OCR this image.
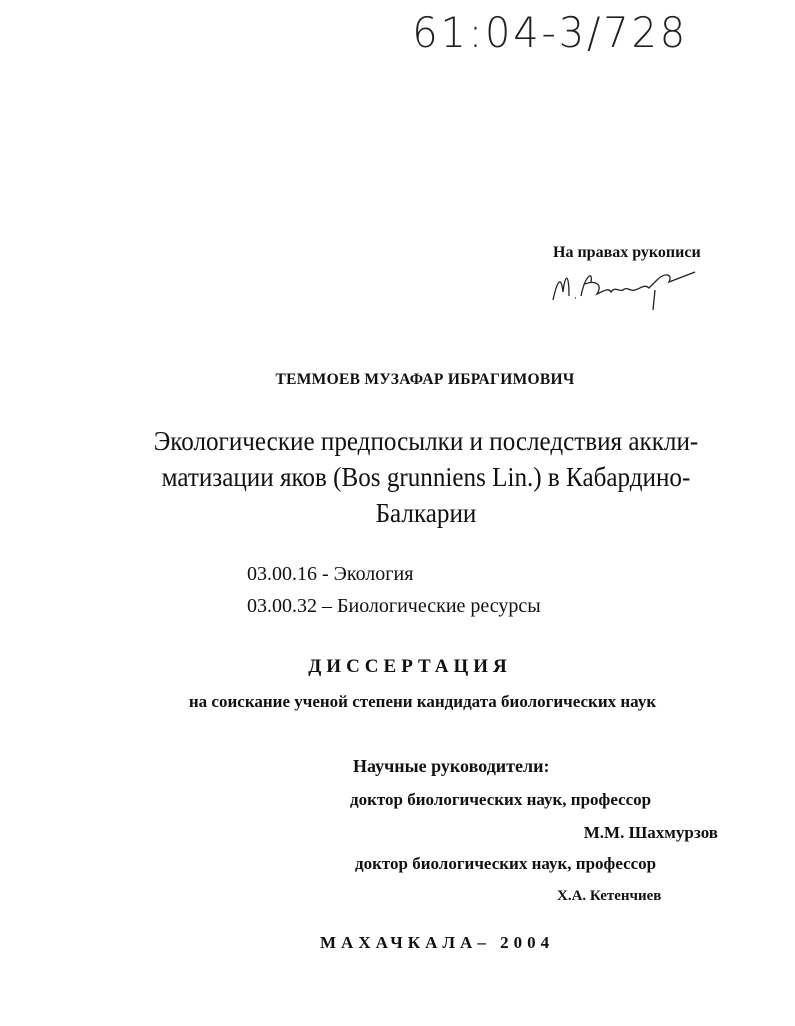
61:04-3/728
На правах рукописи
ТЕММОЕВ МУЗАФАР ИБРАГИМОВИЧ
Экологические предпосылки и последствия аккли-
матизации яков (Bos grunniens Lin.) в Кабардино-
Балкарии
03.00.16 - Экология
03.00.32 – Биологические ресурсы
ДИССЕРТАЦИЯ
на соискание ученой степени кандидата биологических наук
Научные руководители:
доктор биологических наук, профессор
М.М. Шахмурзов
доктор биологических наук, профессор
Х.А. Кетенчиев
МАХАЧКАЛА– 2004
